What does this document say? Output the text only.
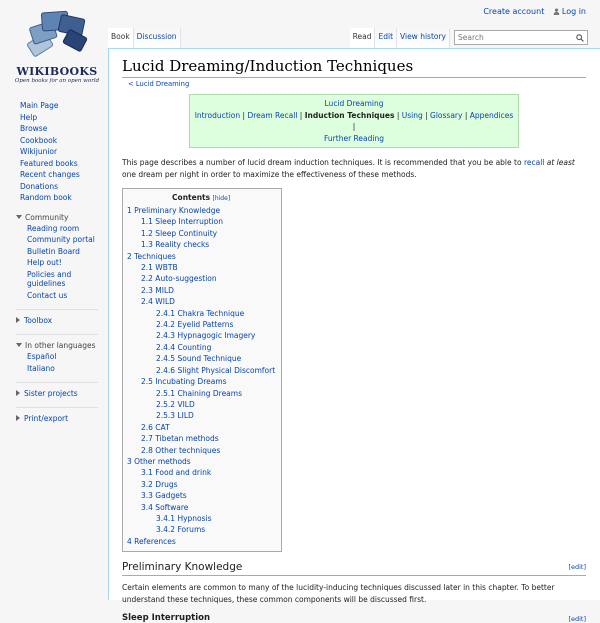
Create account Log in
WIKIBOOKS
Open books for an open world
Book Discussion	Read Edit View history
Search
Main Page
Help
Browse
Cookbook
Wikijunior
Featured books
Recent changes
Donations
Random book
Community
Reading room
Community portal
Bulletin Board
Help out!
Policies and guidelines
Contact us
Toolbox
In other languages
Español
Italiano
Sister projects
Print/export
Lucid Dreaming/Induction Techniques
< Lucid Dreaming
Lucid Dreaming
Introduction | Dream Recall | Induction Techniques | Using | Glossary | Appendices |
Further Reading

This page describes a number of lucid dream induction techniques. It is recommended that you be able to recall at least one dream per night in order to maximize the effectiveness of these methods.

Contents [hide]
1 Preliminary Knowledge
1.1 Sleep Interruption
1.2 Sleep Continuity
1.3 Reality checks
2 Techniques
2.1 WBTB
2.2 Auto-suggestion
2.3 MILD
2.4 WILD
2.4.1 Chakra Technique
2.4.2 Eyelid Patterns
2.4.3 Hypnagogic Imagery
2.4.4 Counting
2.4.5 Sound Technique
2.4.6 Slight Physical Discomfort
2.5 Incubating Dreams
2.5.1 Chaining Dreams
2.5.2 VILD
2.5.3 LILD
2.6 CAT
2.7 Tibetan methods
2.8 Other techniques
3 Other methods
3.1 Food and drink
3.2 Drugs
3.3 Gadgets
3.4 Software
3.4.1 Hypnosis
3.4.2 Forums
4 References
Preliminary Knowledge	[edit]

Certain elements are common to many of the lucidity-inducing techniques discussed later in this chapter. To better understand these techniques, these common components will be discussed first.

Sleep Interruption	[edit]
